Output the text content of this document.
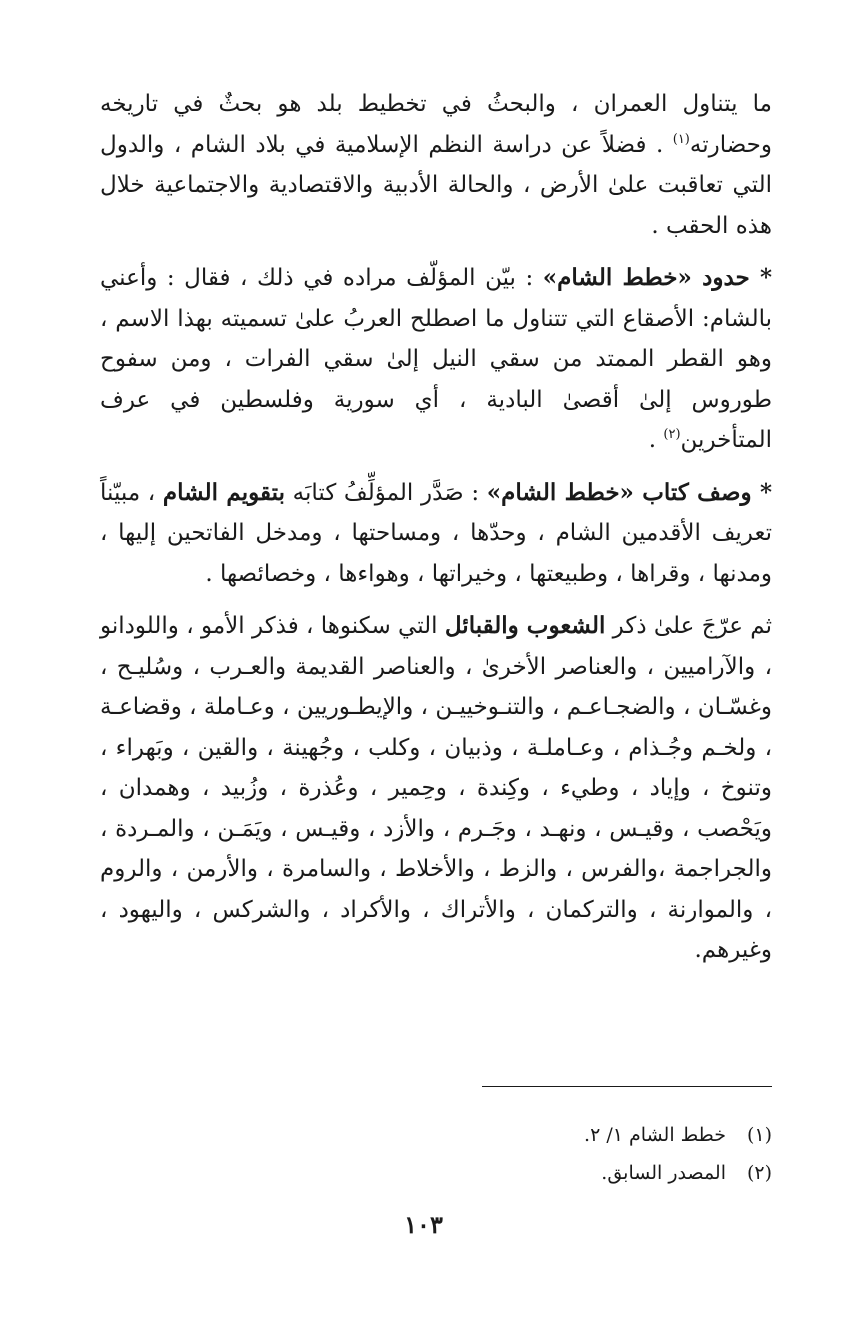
ما يتناول العمران ، والبحثُ في تخطيط بلد هو بحثٌ في تاريخه وحضارته$^{(١)}$ . فضلاً عن دراسة النظم الإسلامية في بلاد الشام ، والدول التي تعاقبت علىٰ الأرض ، والحالة الأدبية والاقتصادية والاجتماعية خلال هذه الحقب .

* حدود «خطط الشام» : بيّن المؤلّف مراده في ذلك ، فقال : وأعني بالشام: الأصقاع التي تتناول ما اصطلح العربُ علىٰ تسميته بهذا الاسم ، وهو القطر الممتد من سقي النيل إلىٰ سقي الفرات ، ومن سفوح طوروس إلىٰ أقصىٰ البادية ، أي سورية وفلسطين في عرف المتأخرين$^{(٢)}$ .

* وصف كتاب «خطط الشام» : صَدَّر المؤلِّفُ كتابَه بتقويم الشام ، مبيّناً تعريف الأقدمين الشام ، وحدّها ، ومساحتها ، ومدخل الفاتحين إليها ، ومدنها ، وقراها ، وطبيعتها ، وخيراتها ، وهواءها ، وخصائصها .

ثم عرّجَ علىٰ ذكر الشعوب والقبائل التي سكنوها ، فذكر الأمو ، واللودانو ، والآراميين ، والعناصر الأخرىٰ ، والعناصر القديمة والعـرب ، وسُليـح ، وغسّـان ، والضجـاعـم ، والتنـوخييـن ، والإيطـوريين ، وعـاملة ، وقضاعـة ، ولخـم وجُـذام ، وعـاملـة ، وذبيان ، وكلب ، وجُهينة ، والقين ، وبَهراء ، وتنوخ ، وإياد ، وطيء ، وكِندة ، وحِمير ، وعُذرة ، وزُبيد ، وهمدان ، ويَحْصب ، وقيـس ، ونهـد ، وجَـرم ، والأزد ، وقيـس ، ويَمَـن ، والمـردة ، والجراجمة ،والفرس ، والزط ، والأخلاط ، والسامرة ، والأرمن ، والروم ، والموارنة ، والتركمان ، والأتراك ، والأكراد ، والشركس ، واليهود ، وغيرهم.

(١)
خطط الشام ١/ ٢.
(٢)
المصدر السابق.
١٠٣
